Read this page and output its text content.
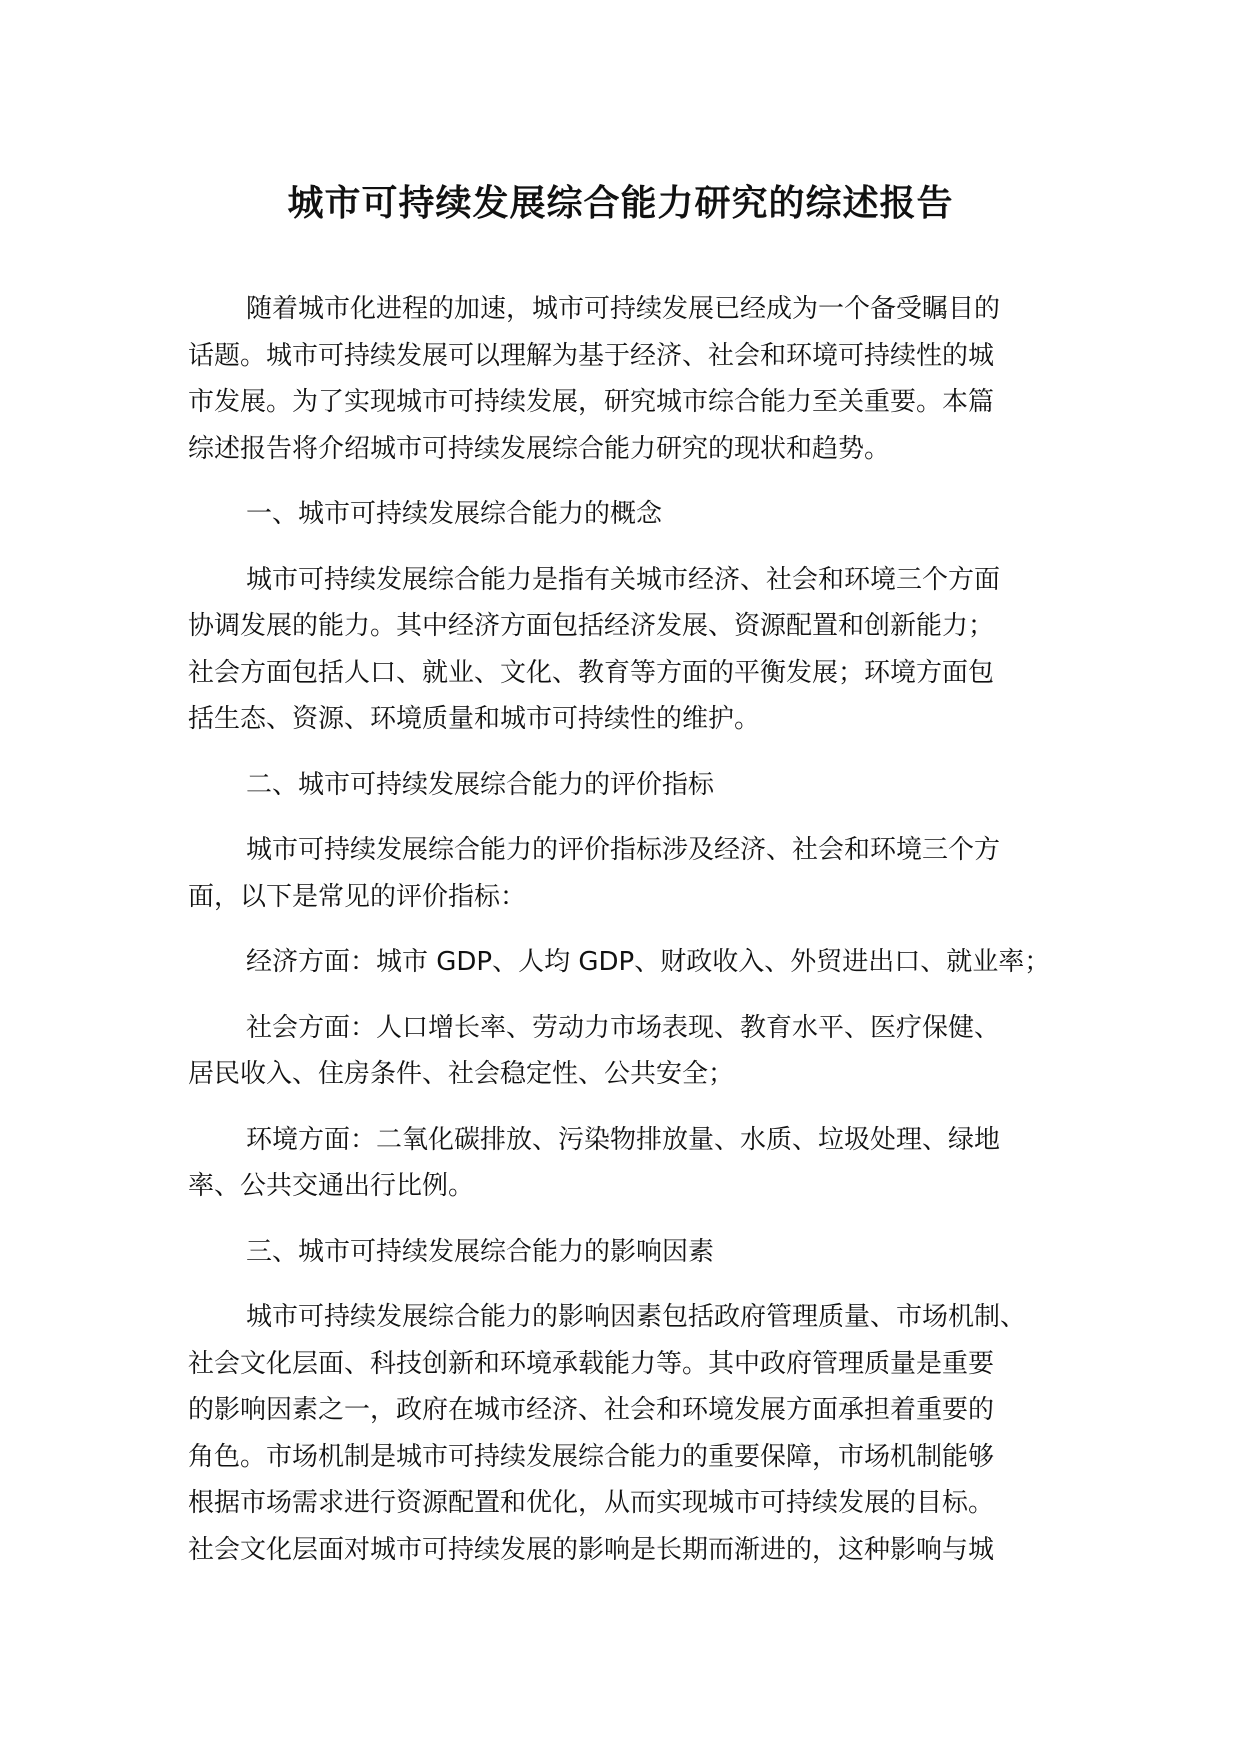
城市可持续发展综合能力研究的综述报告

随着城市化进程的加速，城市可持续发展已经成为一个备受瞩目的
话题。城市可持续发展可以理解为基于经济、社会和环境可持续性的城
市发展。为了实现城市可持续发展，研究城市综合能力至关重要。本篇
综述报告将介绍城市可持续发展综合能力研究的现状和趋势。

一、城市可持续发展综合能力的概念

城市可持续发展综合能力是指有关城市经济、社会和环境三个方面
协调发展的能力。其中经济方面包括经济发展、资源配置和创新能力；
社会方面包括人口、就业、文化、教育等方面的平衡发展；环境方面包
括生态、资源、环境质量和城市可持续性的维护。

二、城市可持续发展综合能力的评价指标

城市可持续发展综合能力的评价指标涉及经济、社会和环境三个方
面，以下是常见的评价指标：

经济方面：城市 GDP、人均 GDP、财政收入、外贸进出口、就业率；

社会方面：人口增长率、劳动力市场表现、教育水平、医疗保健、
居民收入、住房条件、社会稳定性、公共安全；

环境方面：二氧化碳排放、污染物排放量、水质、垃圾处理、绿地
率、公共交通出行比例。

三、城市可持续发展综合能力的影响因素

城市可持续发展综合能力的影响因素包括政府管理质量、市场机制、
社会文化层面、科技创新和环境承载能力等。其中政府管理质量是重要
的影响因素之一，政府在城市经济、社会和环境发展方面承担着重要的
角色。市场机制是城市可持续发展综合能力的重要保障，市场机制能够
根据市场需求进行资源配置和优化，从而实现城市可持续发展的目标。
社会文化层面对城市可持续发展的影响是长期而渐进的，这种影响与城
